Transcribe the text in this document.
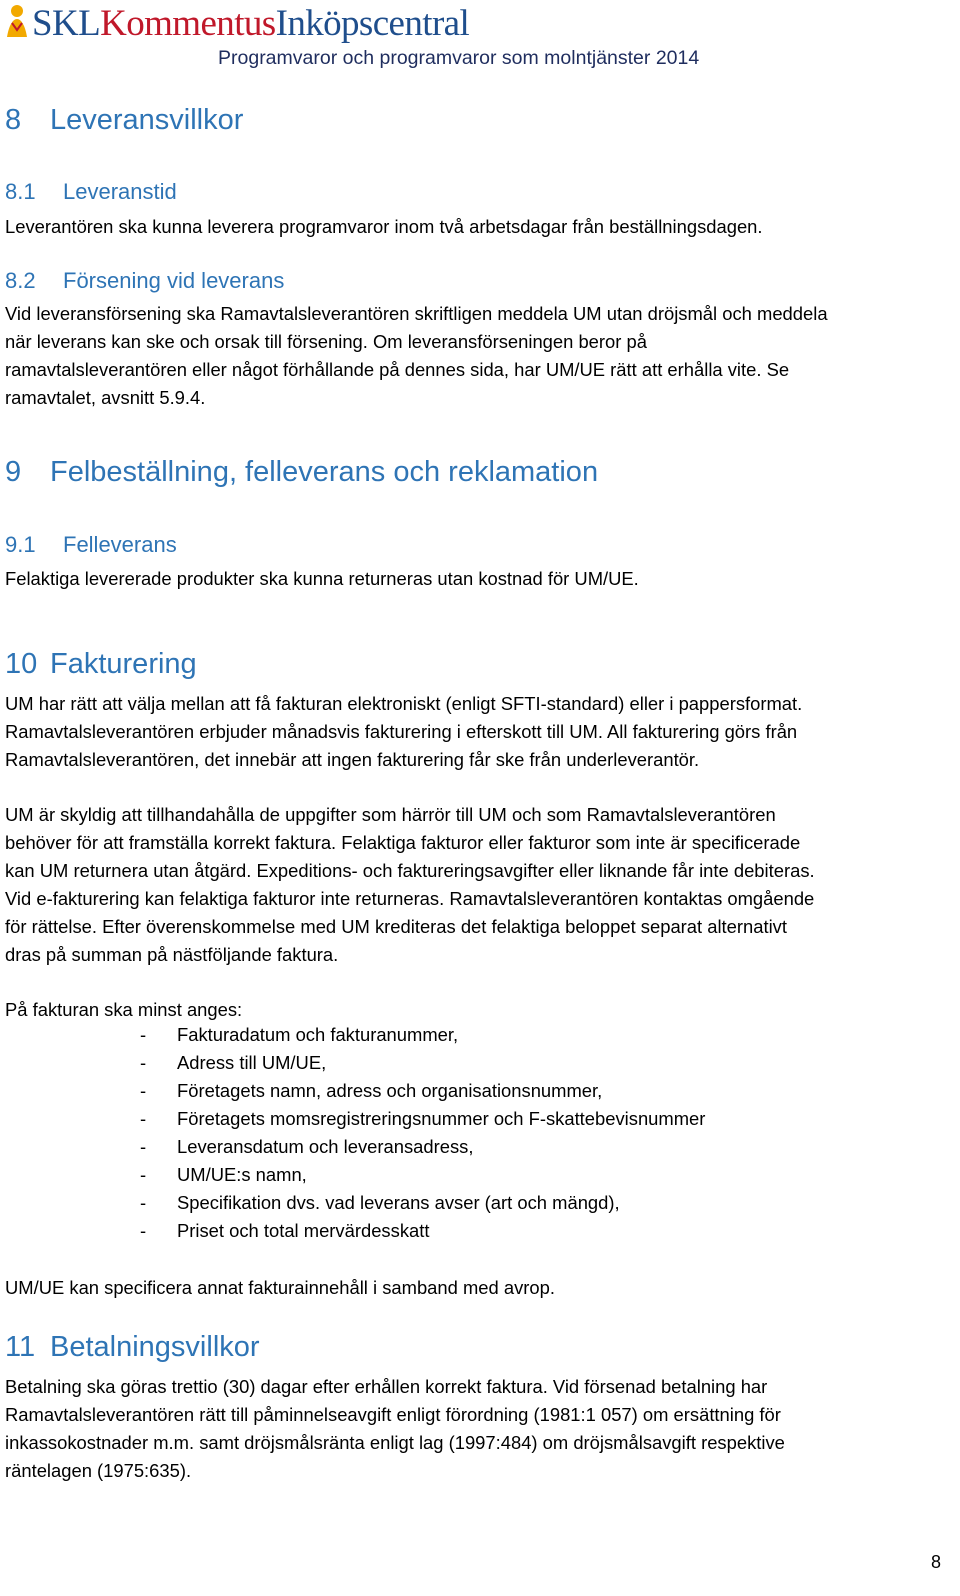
SKLKommentusInköpscentral
Programvaror och programvaror som molntjänster 2014
8 Leveransvillkor
8.1 Leveranstid

Leverantören ska kunna leverera programvaror inom två arbetsdagar från beställningsdagen.

8.2 Försening vid leverans

Vid leveransförsening ska Ramavtalsleverantören skriftligen meddela UM utan dröjsmål och meddela

när leverans kan ske och orsak till försening. Om leveransförseningen beror på

ramavtalsleverantören eller något förhållande på dennes sida, har UM/UE rätt att erhålla vite. Se

ramavtalet, avsnitt 5.9.4.

9 Felbeställning, felleverans och reklamation
9.1 Felleverans

Felaktiga levererade produkter ska kunna returneras utan kostnad för UM/UE.

10 Fakturering

UM har rätt att välja mellan att få fakturan elektroniskt (enligt SFTI-standard) eller i pappersformat.

Ramavtalsleverantören erbjuder månadsvis fakturering i efterskott till UM. All fakturering görs från

Ramavtalsleverantören, det innebär att ingen fakturering får ske från underleverantör.

UM är skyldig att tillhandahålla de uppgifter som härrör till UM och som Ramavtalsleverantören

behöver för att framställa korrekt faktura. Felaktiga fakturor eller fakturor som inte är specificerade

kan UM returnera utan åtgärd. Expeditions- och faktureringsavgifter eller liknande får inte debiteras.

Vid e-fakturering kan felaktiga fakturor inte returneras. Ramavtalsleverantören kontaktas omgående

för rättelse. Efter överenskommelse med UM krediteras det felaktiga beloppet separat alternativt

dras på summan på nästföljande faktura.

På fakturan ska minst anges:

- Fakturadatum och fakturanummer,
- Adress till UM/UE,
- Företagets namn, adress och organisationsnummer,
- Företagets momsregistreringsnummer och F-skattebevisnummer
- Leveransdatum och leveransadress,
- UM/UE:s namn,
- Specifikation dvs. vad leverans avser (art och mängd),
- Priset och total mervärdesskatt

UM/UE kan specificera annat fakturainnehåll i samband med avrop.

11 Betalningsvillkor

Betalning ska göras trettio (30) dagar efter erhållen korrekt faktura. Vid försenad betalning har

Ramavtalsleverantören rätt till påminnelseavgift enligt förordning (1981:1 057) om ersättning för

inkassokostnader m.m. samt dröjsmålsränta enligt lag (1997:484) om dröjsmålsavgift respektive

räntelagen (1975:635).

8
